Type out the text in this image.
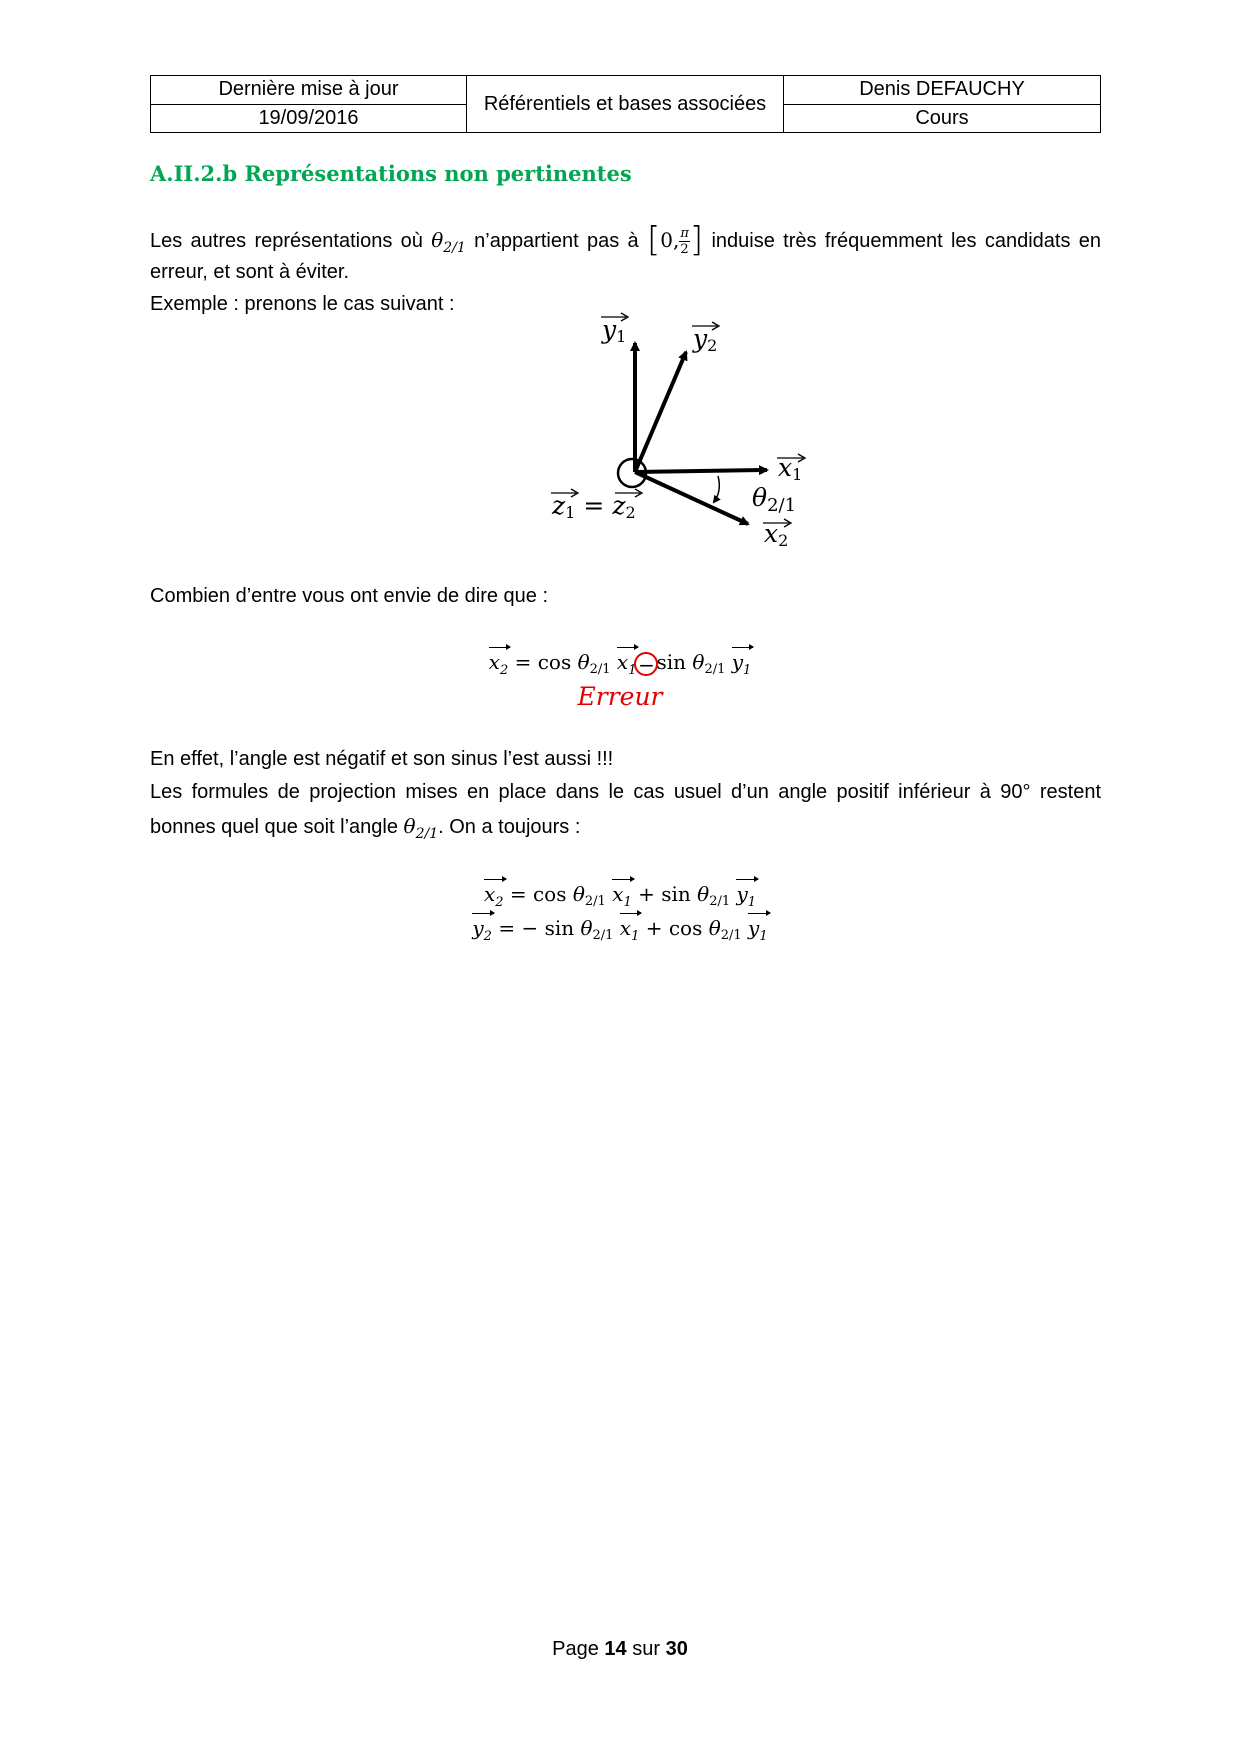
Dernière mise à jour	Référentiels et bases associées	Denis DEFAUCHY
19/09/2016		Cours
A.II.2.b Représentations non pertinentes

Les autres représentations où $\theta_{2/1}$ n’appartient pas à [0, $\frac{\pi}{2}$ ] induise très fréquemment les candidats en

erreur, et sont à éviter.

Exemple : prenons le cas suivant :

y1	y2
x1
$\theta_{2/1}$
x2
z1 = z2

Combien d’entre vous ont envie de dire que :

$x_2 = \cos \theta_{2/1}$ $x_1-\sin$ $\theta_{2/1}$ $y_1$
Erreur

En effet, l’angle est négatif et son sinus l’est aussi !!!

Les formules de projection mises en place dans le cas usuel d’un angle positif inférieur à 90° restent

bonnes quel que soit l’angle $\theta_{2/1}$. On a toujours :

$x_2 = \cos \theta_{2/1}$ $x_1 + \sin \theta_{2/1}$ $y_1$
$y_2$ = − $\sin \theta_{2/1}$ $x_1 + \cos \theta_{2/1}$ $y_1$
Page 14 sur 30
